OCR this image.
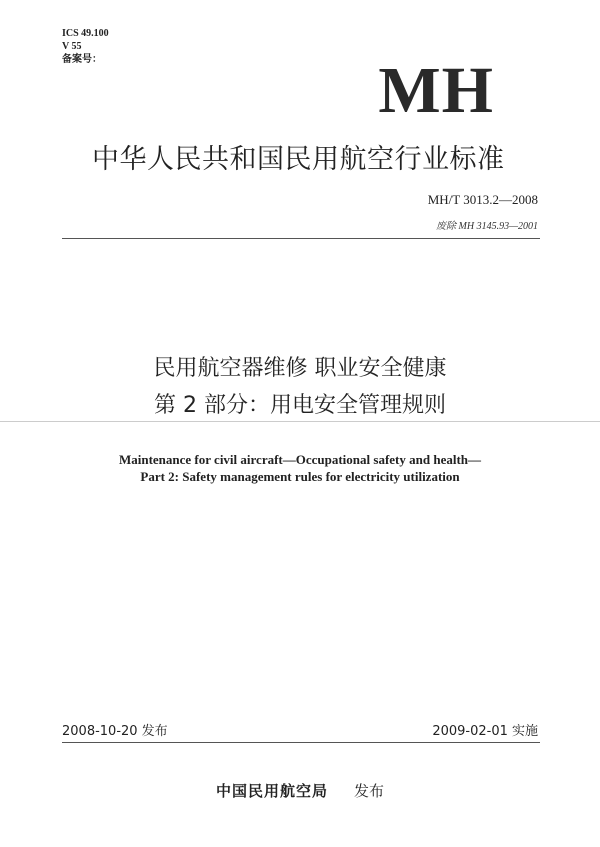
ICS 49.100
V 55
备案号：	MH
中华人民共和国民用航空行业标准
MH/T 3013.2—2008
废除 MH 3145.93—2001
民用航空器维修 职业安全健康
第 2 部分：用电安全管理规则
Maintenance for civil aircraft—Occupational safety and health—
Part 2: Safety management rules for electricity utilization
2008-10-20 发布	2009-02-01 实施
中国民用航空局 发布
